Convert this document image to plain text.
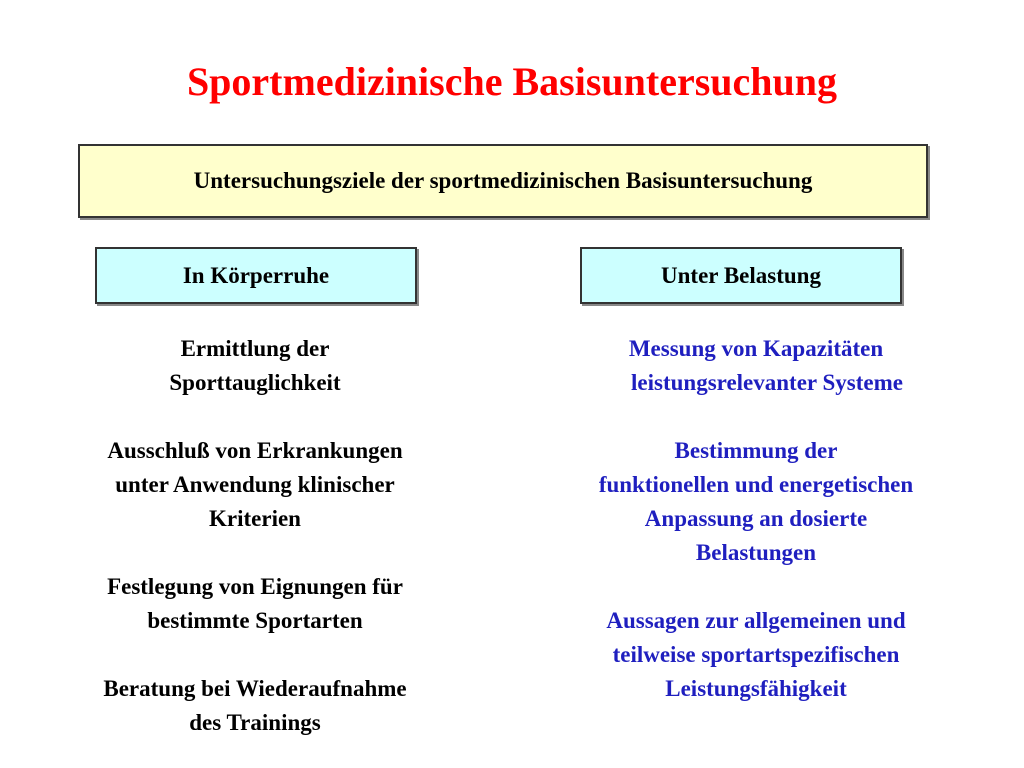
Sportmedizinische Basisuntersuchung
Untersuchungsziele der sportmedizinischen Basisuntersuchung
In Körperruhe	Unter Belastung
Ermittlung der
Sporttauglichkeit
Ausschluß von Erkrankungen
unter Anwendung klinischer
Kriterien
Festlegung von Eignungen für
bestimmte Sportarten
Beratung bei Wiederaufnahme
des Trainings
Messung von Kapazitäten
leistungsrelevanter Systeme
Bestimmung der
funktionellen und energetischen
Anpassung an dosierte
Belastungen
Aussagen zur allgemeinen und
teilweise sportartspezifischen
Leistungsfähigkeit
